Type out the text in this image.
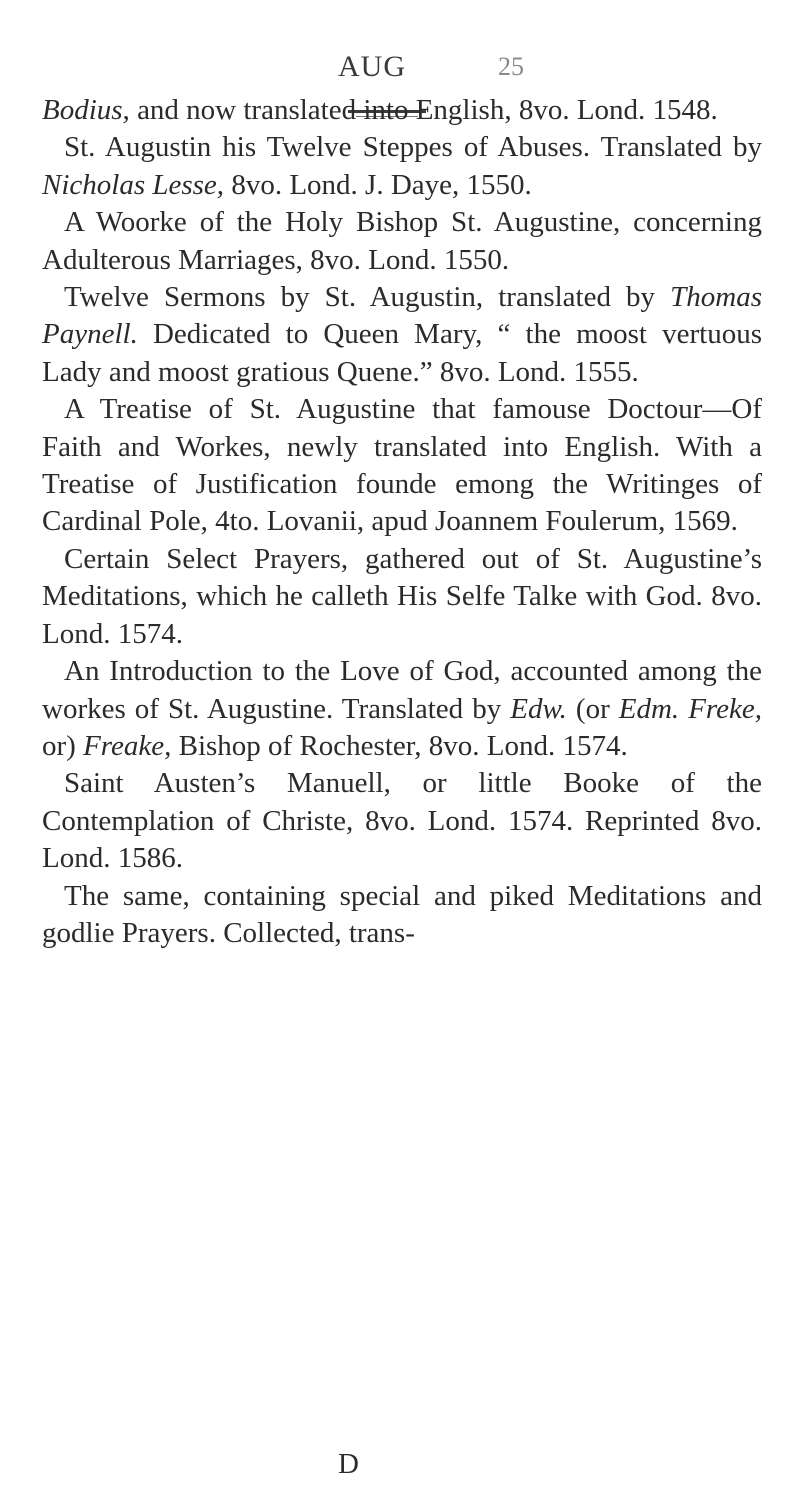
AUG	25

Bodius, and now translated into English, 8vo. Lond. 1548.

St. Augustin his Twelve Steppes of Abuses. Translated by Nicholas Lesse, 8vo. Lond. J. Daye, 1550.

A Woorke of the Holy Bishop St. Augustine, concerning Adulterous Marriages, 8vo. Lond. 1550.

Twelve Sermons by St. Augustin, translated by Thomas Paynell. Dedicated to Queen Mary, “ the moost vertuous Lady and moost gratious Quene.” 8vo. Lond. 1555.

A Treatise of St. Augustine that famouse Doctour—Of Faith and Workes, newly translated into English. With a Treatise of Justification founde emong the Writinges of Cardinal Pole, 4to. Lovanii, apud Joannem Foulerum, 1569.

Certain Select Prayers, gathered out of St. Augustine’s Meditations, which he calleth His Selfe Talke with God. 8vo. Lond. 1574.

An Introduction to the Love of God, accounted among the workes of St. Augustine. Translated by Edw. (or Edm. Freke, or) Freake, Bishop of Rochester, 8vo. Lond. 1574.

Saint Austen’s Manuell, or little Booke of the Contemplation of Christe, 8vo. Lond. 1574. Reprinted 8vo. Lond. 1586.

The same, containing special and piked Meditations and godlie Prayers. Collected, trans-

D
